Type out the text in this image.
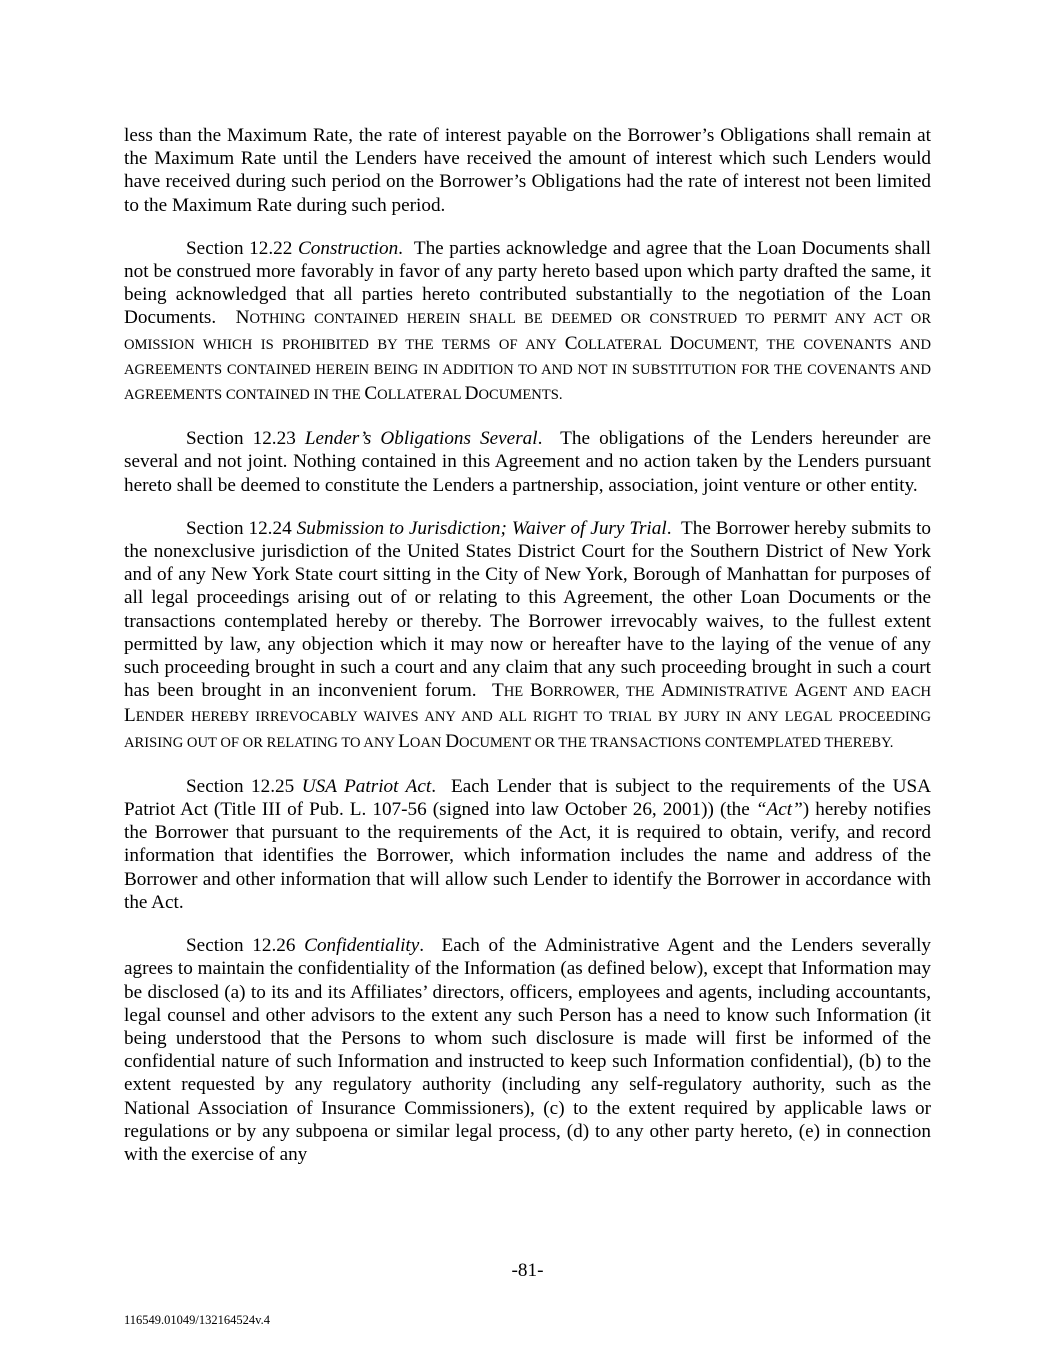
less than the Maximum Rate, the rate of interest payable on the Borrower’s Obligations shall remain at the Maximum Rate until the Lenders have received the amount of interest which such Lenders would have received during such period on the Borrower’s Obligations had the rate of interest not been limited to the Maximum Rate during such period.

Section 12.22 Construction.  The parties acknowledge and agree that the Loan Documents shall not be construed more favorably in favor of any party hereto based upon which party drafted the same, it being acknowledged that all parties hereto contributed substantially to the negotiation of the Loan Documents. NOTHING CONTAINED HEREIN SHALL BE DEEMED OR CONSTRUED TO PERMIT ANY ACT OR OMISSION WHICH IS PROHIBITED BY THE TERMS OF ANY COLLATERAL DOCUMENT, THE COVENANTS AND AGREEMENTS CONTAINED HEREIN BEING IN ADDITION TO AND NOT IN SUBSTITUTION FOR THE COVENANTS AND AGREEMENTS CONTAINED IN THE COLLATERAL DOCUMENTS.

Section 12.23 Lender’s Obligations Several.  The obligations of the Lenders hereunder are several and not joint. Nothing contained in this Agreement and no action taken by the Lenders pursuant hereto shall be deemed to constitute the Lenders a partnership, association, joint venture or other entity.

Section 12.24 Submission to Jurisdiction; Waiver of Jury Trial.  The Borrower hereby submits to the nonexclusive jurisdiction of the United States District Court for the Southern District of New York and of any New York State court sitting in the City of New York, Borough of Manhattan for purposes of all legal proceedings arising out of or relating to this Agreement, the other Loan Documents or the transactions contemplated hereby or thereby. The Borrower irrevocably waives, to the fullest extent permitted by law, any objection which it may now or hereafter have to the laying of the venue of any such proceeding brought in such a court and any claim that any such proceeding brought in such a court has been brought in an inconvenient forum. THE BORROWER, THE ADMINISTRATIVE AGENT AND EACH LENDER HEREBY IRREVOCABLY WAIVES ANY AND ALL RIGHT TO TRIAL BY JURY IN ANY LEGAL PROCEEDING ARISING OUT OF OR RELATING TO ANY LOAN DOCUMENT OR THE TRANSACTIONS CONTEMPLATED THEREBY.

Section 12.25 USA Patriot Act.  Each Lender that is subject to the requirements of the USA Patriot Act (Title III of Pub. L. 107-56 (signed into law October 26, 2001)) (the “Act”) hereby notifies the Borrower that pursuant to the requirements of the Act, it is required to obtain, verify, and record information that identifies the Borrower, which information includes the name and address of the Borrower and other information that will allow such Lender to identify the Borrower in accordance with the Act.

Section 12.26 Confidentiality.  Each of the Administrative Agent and the Lenders severally agrees to maintain the confidentiality of the Information (as defined below), except that Information may be disclosed (a) to its and its Affiliates’ directors, officers, employees and agents, including accountants, legal counsel and other advisors to the extent any such Person has a need to know such Information (it being understood that the Persons to whom such disclosure is made will first be informed of the confidential nature of such Information and instructed to keep such Information confidential), (b) to the extent requested by any regulatory authority (including any self-regulatory authority, such as the National Association of Insurance Commissioners), (c) to the extent required by applicable laws or regulations or by any subpoena or similar legal process, (d) to any other party hereto, (e) in connection with the exercise of any

-81-
116549.01049/132164524v.4
